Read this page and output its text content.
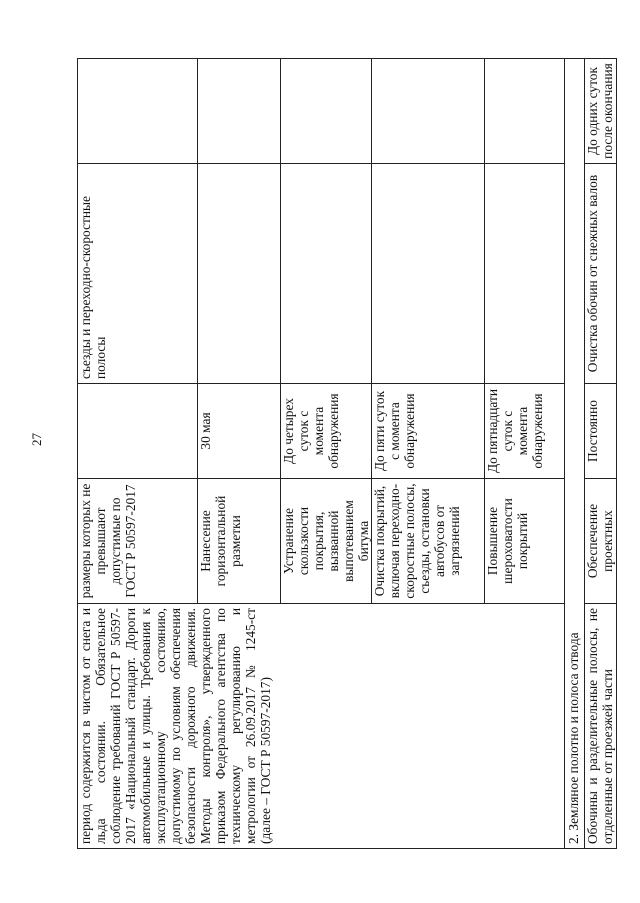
27
период содержится в чистом от снега и льда состоянии. Обязательное соблюдение требований ГОСТ Р 50597-2017 «Национальный стандарт. Дороги автомобильные и улицы. Требования к эксплуатационному состоянию, допустимому по условиям обеспечения безопасности дорожного движения. Методы контроля», утвержденного приказом Федерального агентства по техническому регулированию и метрологии от 26.09.2017 № 1245-ст (далее – ГОСТ Р 50597-2017)	размеры которых не превышают допустимые по ГОСТ Р 50597-2017		съезды и переходно-скоростные полосы	
	Нанесение горизонтальной разметки	30 мая		
	Устранение скользкости покрытия, вызванной выпотеванием битума	До четырех суток с момента обнаружения		
	Очистка покрытий, включая переходно-скоростные полосы, съезды, остановки автобусов от загрязнений	До пяти суток с момента обнаружения		
	Повышение шероховатости покрытий	До пятнадцати суток с момента обнаружения		
2. Земляное полотно и полоса отвода				
Обочины и разделительные полосы, не отделенные от проезжей части	Обеспечение проектных	Постоянно	Очистка обочин от снежных валов	До одних суток после окончания
